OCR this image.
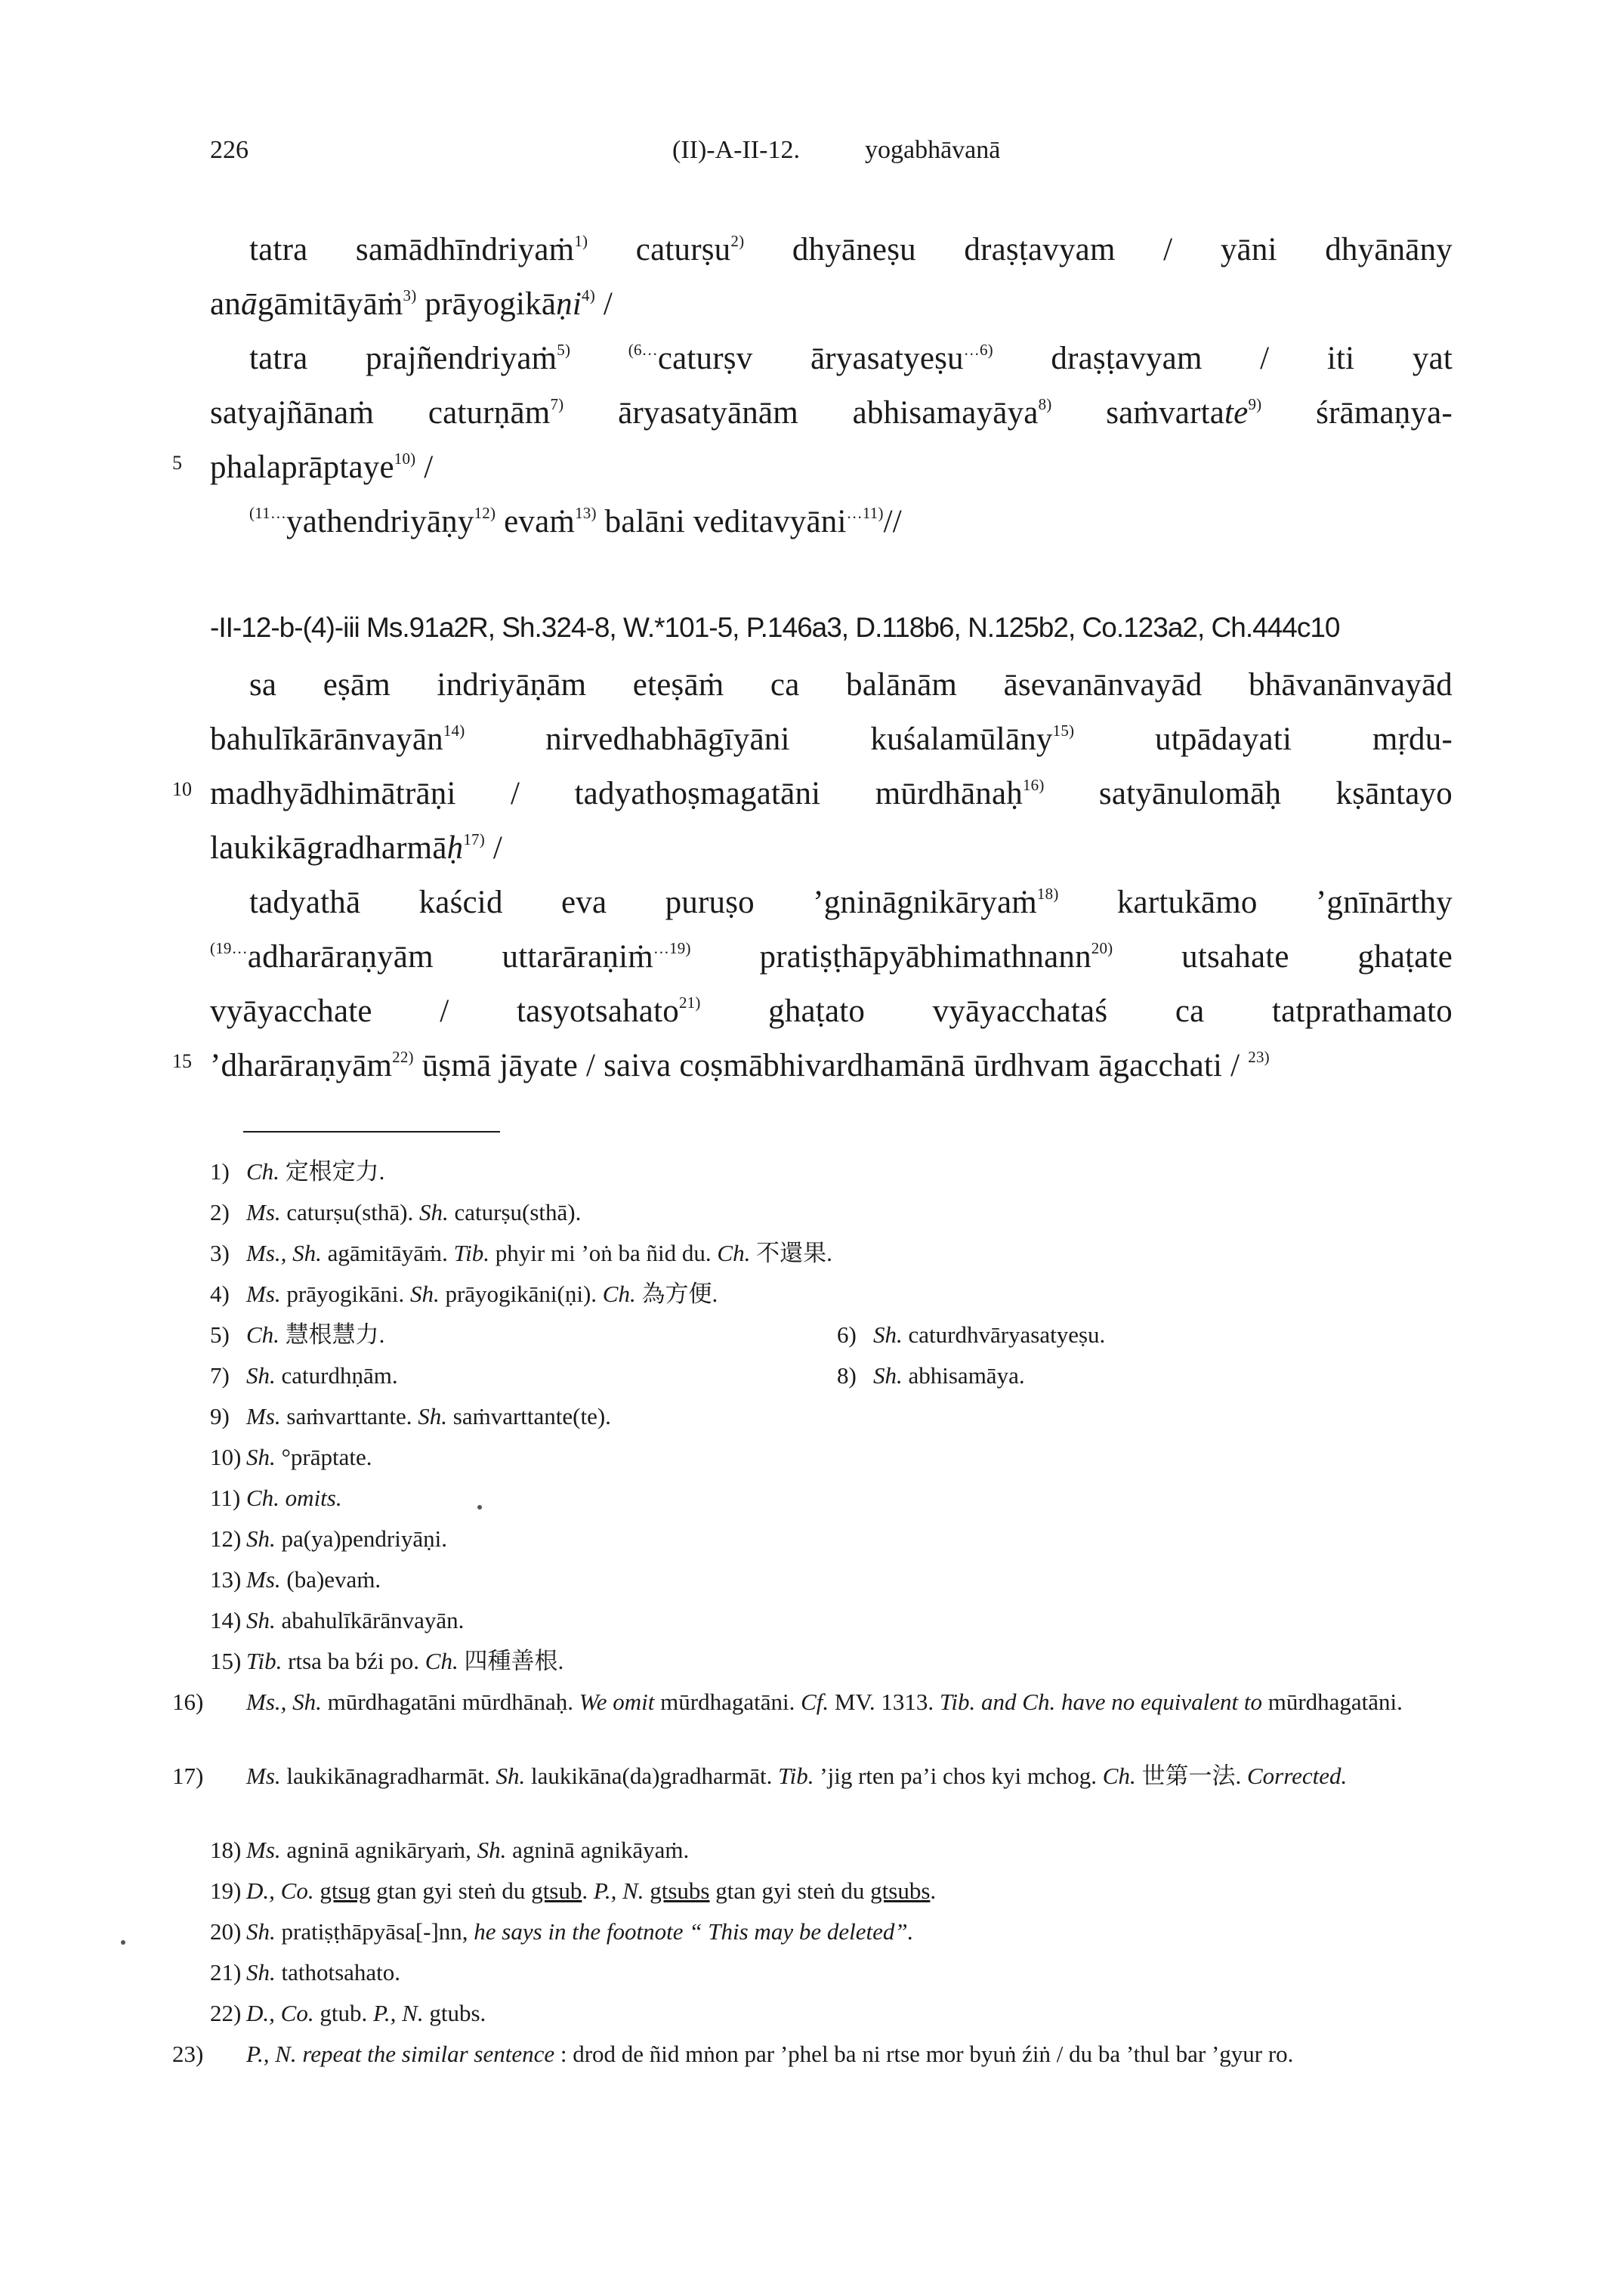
226	(II)-A-II-12.	yogabhāvanā
tatra samādhīndriyaṁ$^{1)}$ caturṣu$^{2)}$ dhyāneṣu draṣṭavyam / yāni dhyānāny
anāgāmitāyāṁ$^{3)}$ prāyogikāṇi$^{4)}$ /
tatra prajñendriyaṁ$^{5)}$	$^{(6\dots}$caturṣv āryasatyeṣu$^{\dots 6)}$ draṣṭavyam / iti yat
satyajñānaṁ caturṇām$^{7)}$ āryasatyānām abhisamayāya$^{8)}$ saṁvartate$^{9)}$ śrāmaṇya-
5 phalaprāptaye$^{10)}$ /
$^{(11\dots}$yathendriyāṇy$^{12)}$ evaṁ$^{13)}$ balāni veditavyāni$^{\dots 11)}$//
-II-12-b-(4)-iii Ms.91a2R, Sh.324-8, W.*101-5, P.146a3, D.118b6, N.125b2, Co.123a2, Ch.444c10
sa eṣām indriyāṇām eteṣāṁ ca balānām āsevanānvayād bhāvanānvayād
bahulīkārānvayān$^{14)}$ nirvedhabhāgīyāni kuśalamūlāny$^{15)}$ utpādayati mṛdu-
10 madhyādhimātrāṇi / tadyathoṣmagatāni mūrdhānaḥ$^{16)}$ satyānulomāḥ kṣāntayo
laukikāgradharmāḥ$^{17)}$ /
tadyathā kaścid eva puruṣo ’gnināgnikāryaṁ$^{18)}$ kartukāmo ’gnīnārthy
$^{(19\dots}$adharāraṇyām uttarāraṇiṁ$^{\dots 19)}$ pratiṣṭhāpyābhimathnann$^{20)}$ utsahate ghaṭate
vyāyacchate / tasyotsahato$^{21)}$ ghaṭato vyāyacchataś ca tatprathamato
15 ’dharāraṇyām$^{22)}$ ūṣmā jāyate / saiva coṣmābhivardhamānā ūrdhvam āgacchati / $^{23)}$
1) Ch. 定根定力.
2) Ms. caturṣu(sthā). Sh. caturṣu(sthā).
3) Ms., Sh. agāmitāyāṁ. Tib. phyir mi ’oṅ ba ñid du. Ch. 不還果.
4) Ms. prāyogikāni. Sh. prāyogikāni(ṇi). Ch. 為方便.
5) Ch. 慧根慧力.	6) Sh. caturdhvāryasatyeṣu.
7) Sh. caturdhṇām.	8) Sh. abhisamāya.
9) Ms. saṁvarttante. Sh. saṁvarttante(te).
10) Sh. °prāptate.
11) Ch. omits.
12) Sh. pa(ya)pendriyāṇi.
13) Ms. (ba)evaṁ.
14) Sh. abahulīkārānvayān.
15) Tib. rtsa ba bźi po. Ch. 四種善根.
16) Ms., Sh. mūrdhagatāni mūrdhānaḥ. We omit mūrdhagatāni. Cf. MV. 1313. Tib. and Ch. have no equivalent to mūrdhagatāni.
17) Ms. laukikānagradharmāt. Sh. laukikāna(da)gradharmāt. Tib. ’jig rten pa’i chos kyi mchog. Ch. 世第一法. Corrected.
18) Ms. agninā agnikāryaṁ, Sh. agninā agnikāyaṁ.
19) D., Co. gtsug gtan gyi steṅ du gtsub. P., N. gtsubs gtan gyi steṅ du gtsubs.
20) Sh. pratiṣṭhāpyāsa[-]nn, he says in the footnote “ This may be deleted”.
21) Sh. tathotsahato.
22) D., Co. gtub. P., N. gtubs.
23) P., N. repeat the similar sentence : drod de ñid mṅon par ’phel ba ni rtse mor byuṅ źiṅ / du ba ’thul bar ’gyur ro.
